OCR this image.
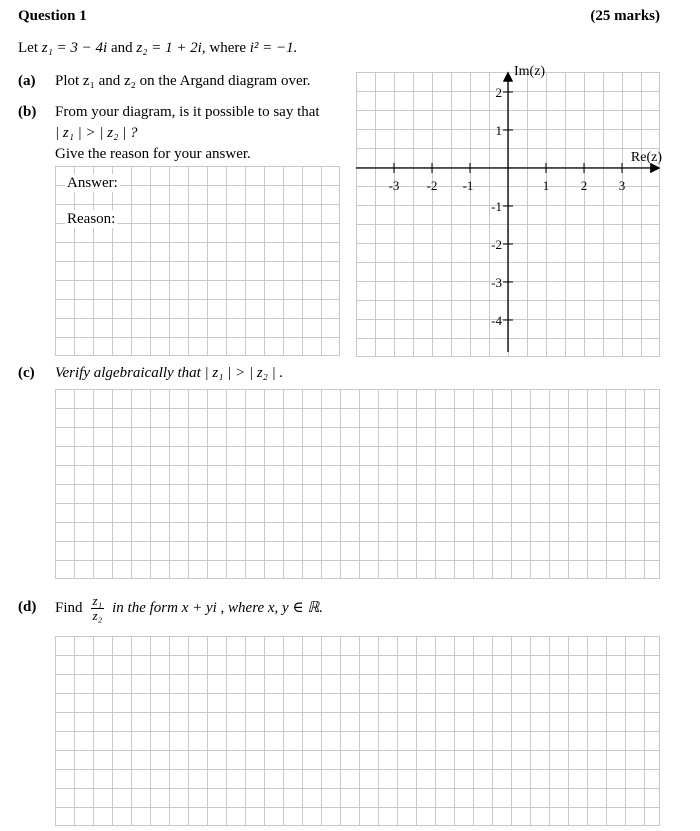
Question 1	(25 marks)
Let z₁ = 3 − 4i and z₂ = 1 + 2i, where i² = −1.
(a) Plot z₁ and z₂ on the Argand diagram over.
(b) From your diagram, is it possible to say that
| z₁ | > | z₂ | ?
Give the reason for your answer.
Answer:
Reason:
-3 -2 -1	1 2 3
2
1
-1
-2
-3
-4
Im(z)
Re(z)
(c) Verify algebraically that | z₁ | > | z₂ | .
(d) Find $\frac{\text{z₁}}{\text{z₂}}$ in the form x + yi , where x, y ∈ ℝ.
